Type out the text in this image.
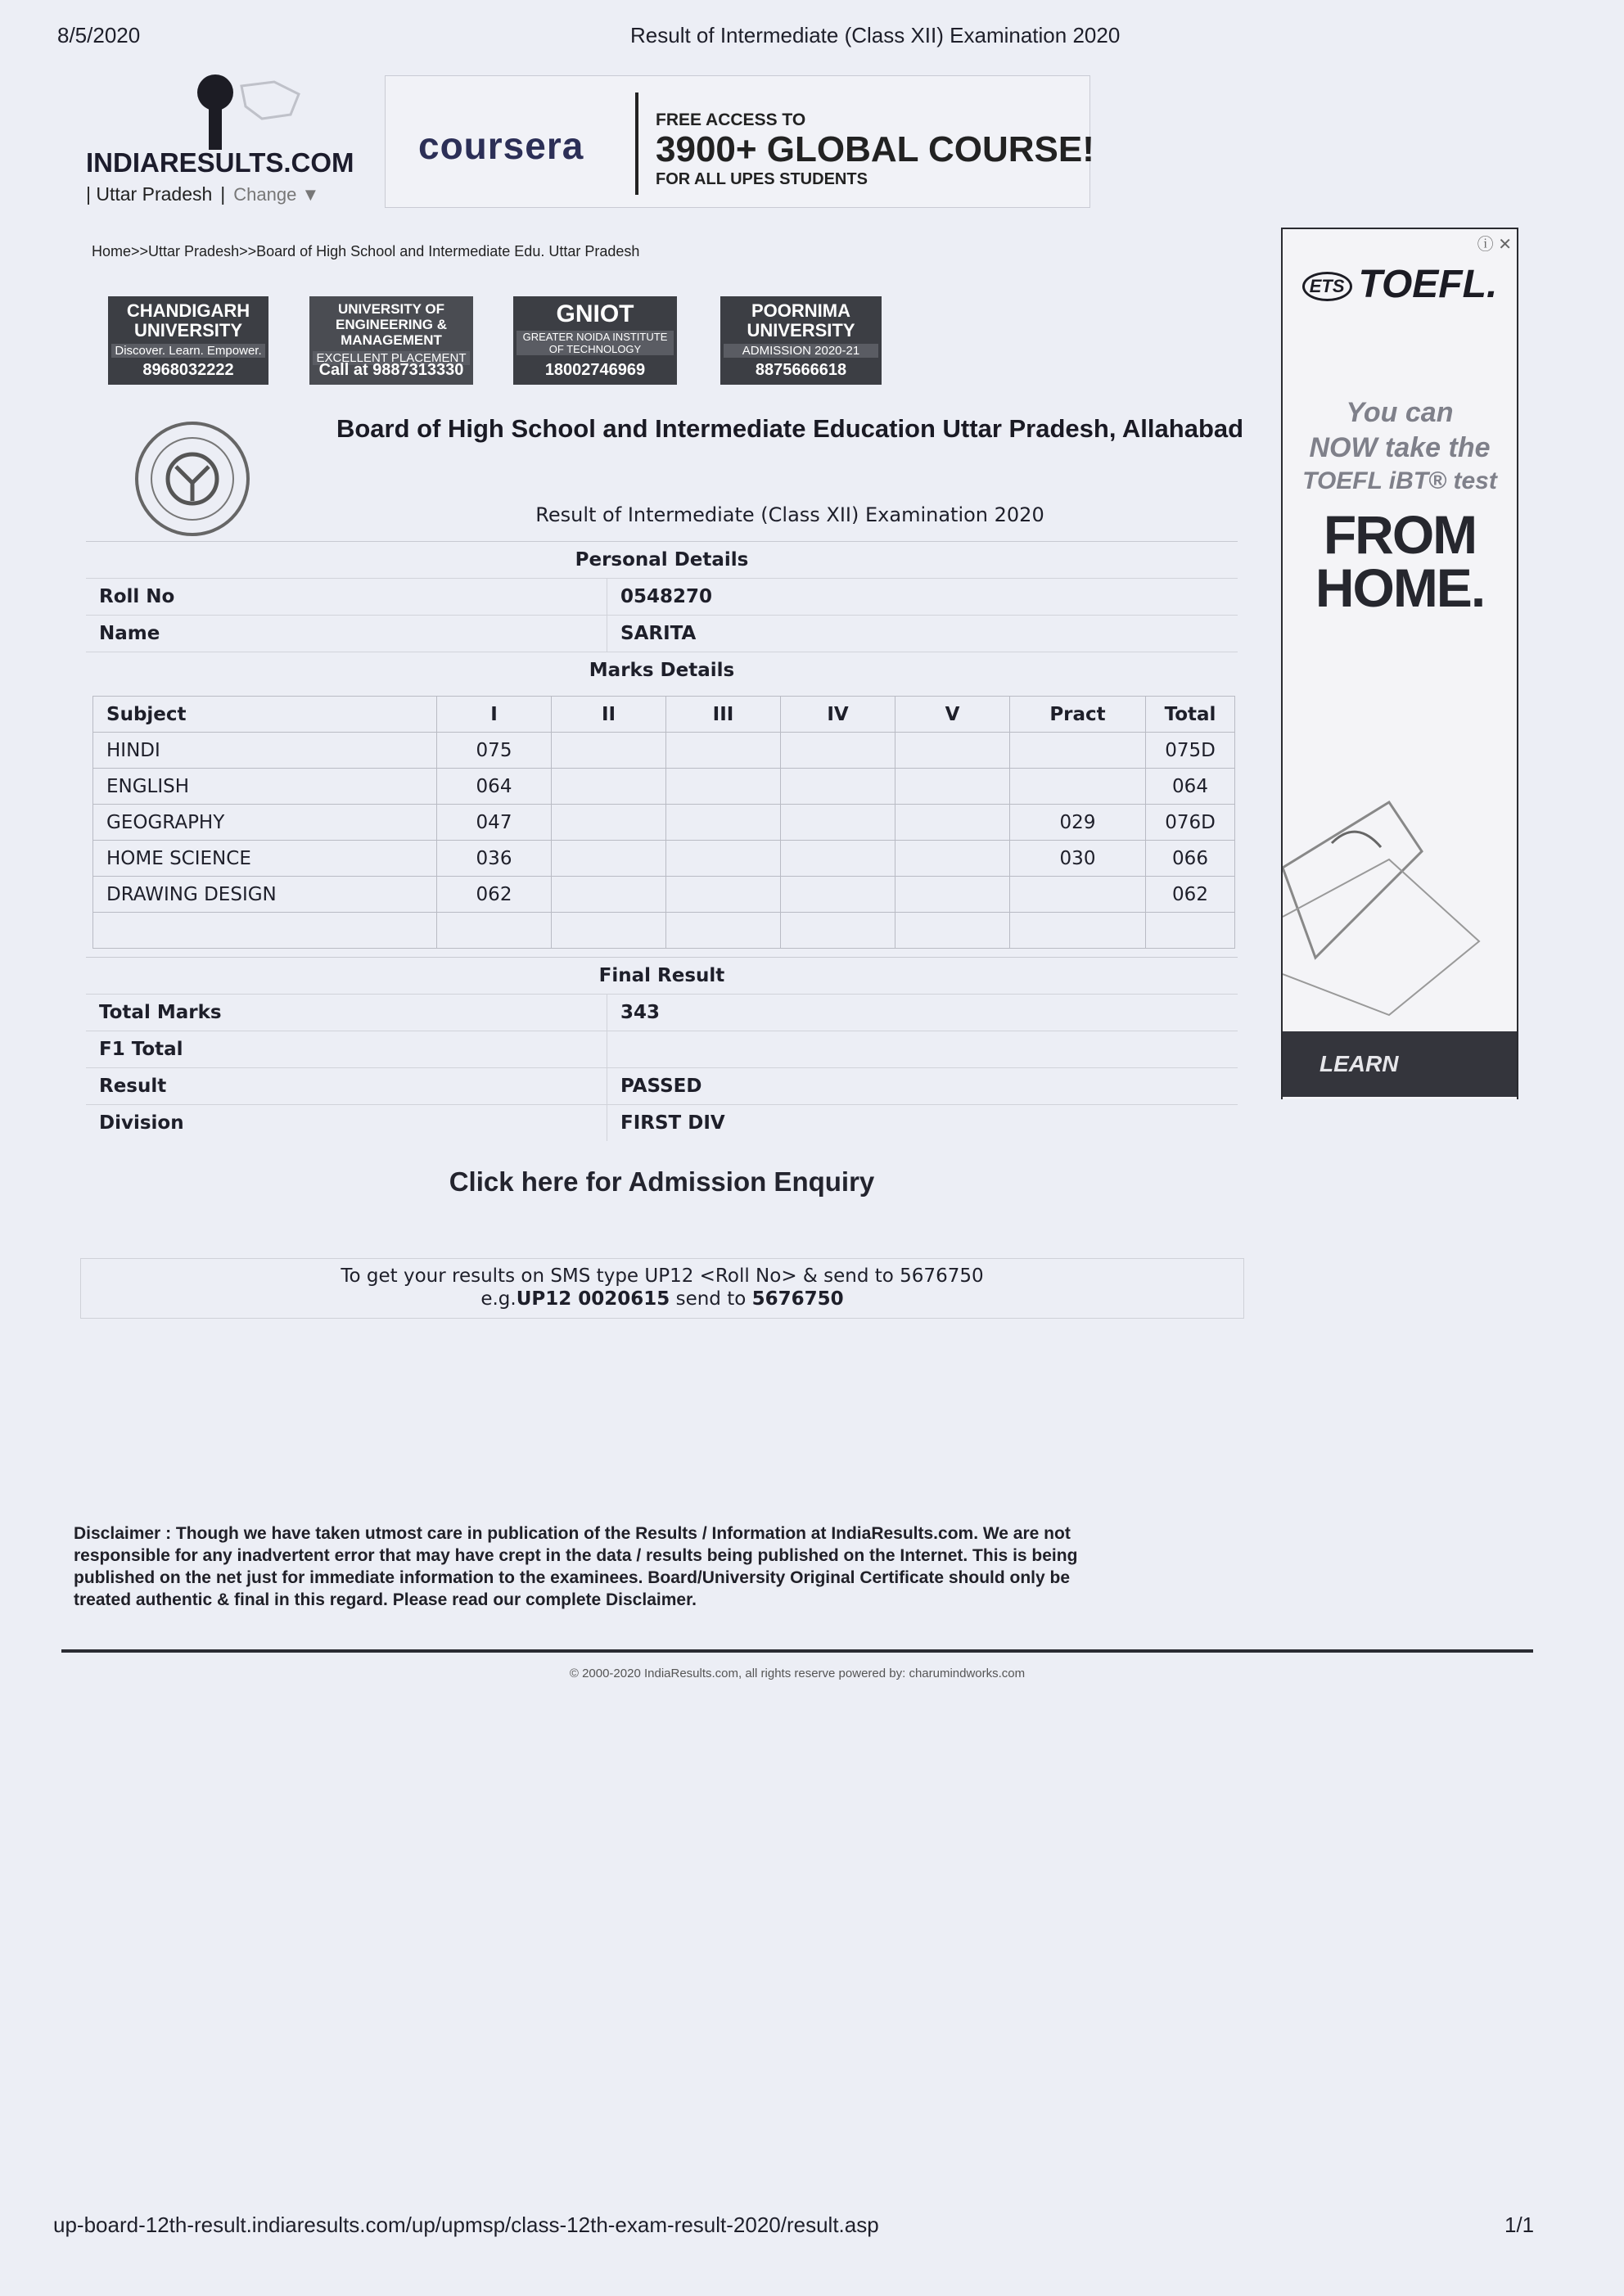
8/5/2020	Result of Intermediate (Class XII) Examination 2020
INDIARESULTS.COM
| Uttar Pradesh | Change ▼
coursera
FREE ACCESS TO
3900+ GLOBAL COURSE!
FOR ALL UPES STUDENTS
Home>>Uttar Pradesh>>Board of High School and Intermediate Edu. Uttar Pradesh
CHANDIGARH UNIVERSITY
Discover. Learn. Empower.
8968032222
UNIVERSITY OF ENGINEERING & MANAGEMENT
EXCELLENT PLACEMENT
Call at 9887313330
GNIOT
GREATER NOIDA INSTITUTE OF TECHNOLOGY
18002746969
POORNIMA UNIVERSITY
ADMISSION 2020-21
8875666618
Board of High School and Intermediate Education Uttar Pradesh, Allahabad
Result of Intermediate (Class XII) Examination 2020
Personal Details
Roll No	0548270
Name	SARITA
Marks Details
Subject	I	II	III	IV	V	Pract	Total
HINDI	075						075D
ENGLISH	064						064
GEOGRAPHY	047					029	076D
HOME SCIENCE	036					030	066
DRAWING DESIGN	062						062

Final Result
Total Marks	343
F1 Total
Result	PASSED
Division	FIRST DIV
Click here for Admission Enquiry
To get your results on SMS type UP12 <Roll No> & send to 5676750
e.g.UP12 0020615 send to 5676750
Disclaimer : Though we have taken utmost care in publication of the Results / Information at IndiaResults.com. We are not responsible for any inadvertent error that may have crept in the data / results being published on the Internet. This is being published on the net just for immediate information to the examinees. Board/University Original Certificate should only be treated authentic & final in this regard. Please read our complete Disclaimer.
© 2000-2020 IndiaResults.com, all rights reserve powered by: charumindworks.com
up-board-12th-result.indiaresults.com/up/upmsp/class-12th-exam-result-2020/result.asp	1/1
ⓘ ✕
ETS TOEFL.
You can
NOW take the
TOEFL iBT® test
FROM
HOME.
LEARN
